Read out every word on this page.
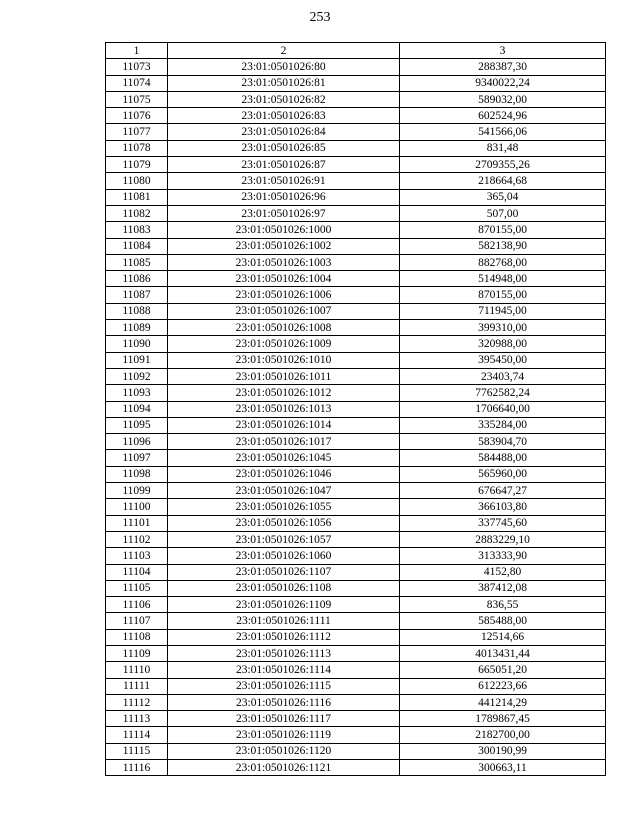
253
1	2	3
11073	23:01:0501026:80	288387,30
11074	23:01:0501026:81	9340022,24
11075	23:01:0501026:82	589032,00
11076	23:01:0501026:83	602524,96
11077	23:01:0501026:84	541566,06
11078	23:01:0501026:85	831,48
11079	23:01:0501026:87	2709355,26
11080	23:01:0501026:91	218664,68
11081	23:01:0501026:96	365,04
11082	23:01:0501026:97	507,00
11083	23:01:0501026:1000	870155,00
11084	23:01:0501026:1002	582138,90
11085	23:01:0501026:1003	882768,00
11086	23:01:0501026:1004	514948,00
11087	23:01:0501026:1006	870155,00
11088	23:01:0501026:1007	711945,00
11089	23:01:0501026:1008	399310,00
11090	23:01:0501026:1009	320988,00
11091	23:01:0501026:1010	395450,00
11092	23:01:0501026:1011	23403,74
11093	23:01:0501026:1012	7762582,24
11094	23:01:0501026:1013	1706640,00
11095	23:01:0501026:1014	335284,00
11096	23:01:0501026:1017	583904,70
11097	23:01:0501026:1045	584488,00
11098	23:01:0501026:1046	565960,00
11099	23:01:0501026:1047	676647,27
11100	23:01:0501026:1055	366103,80
11101	23:01:0501026:1056	337745,60
11102	23:01:0501026:1057	2883229,10
11103	23:01:0501026:1060	313333,90
11104	23:01:0501026:1107	4152,80
11105	23:01:0501026:1108	387412,08
11106	23:01:0501026:1109	836,55
11107	23:01:0501026:1111	585488,00
11108	23:01:0501026:1112	12514,66
11109	23:01:0501026:1113	4013431,44
11110	23:01:0501026:1114	665051,20
11111	23:01:0501026:1115	612223,66
11112	23:01:0501026:1116	441214,29
11113	23:01:0501026:1117	1789867,45
11114	23:01:0501026:1119	2182700,00
11115	23:01:0501026:1120	300190,99
11116	23:01:0501026:1121	300663,11
